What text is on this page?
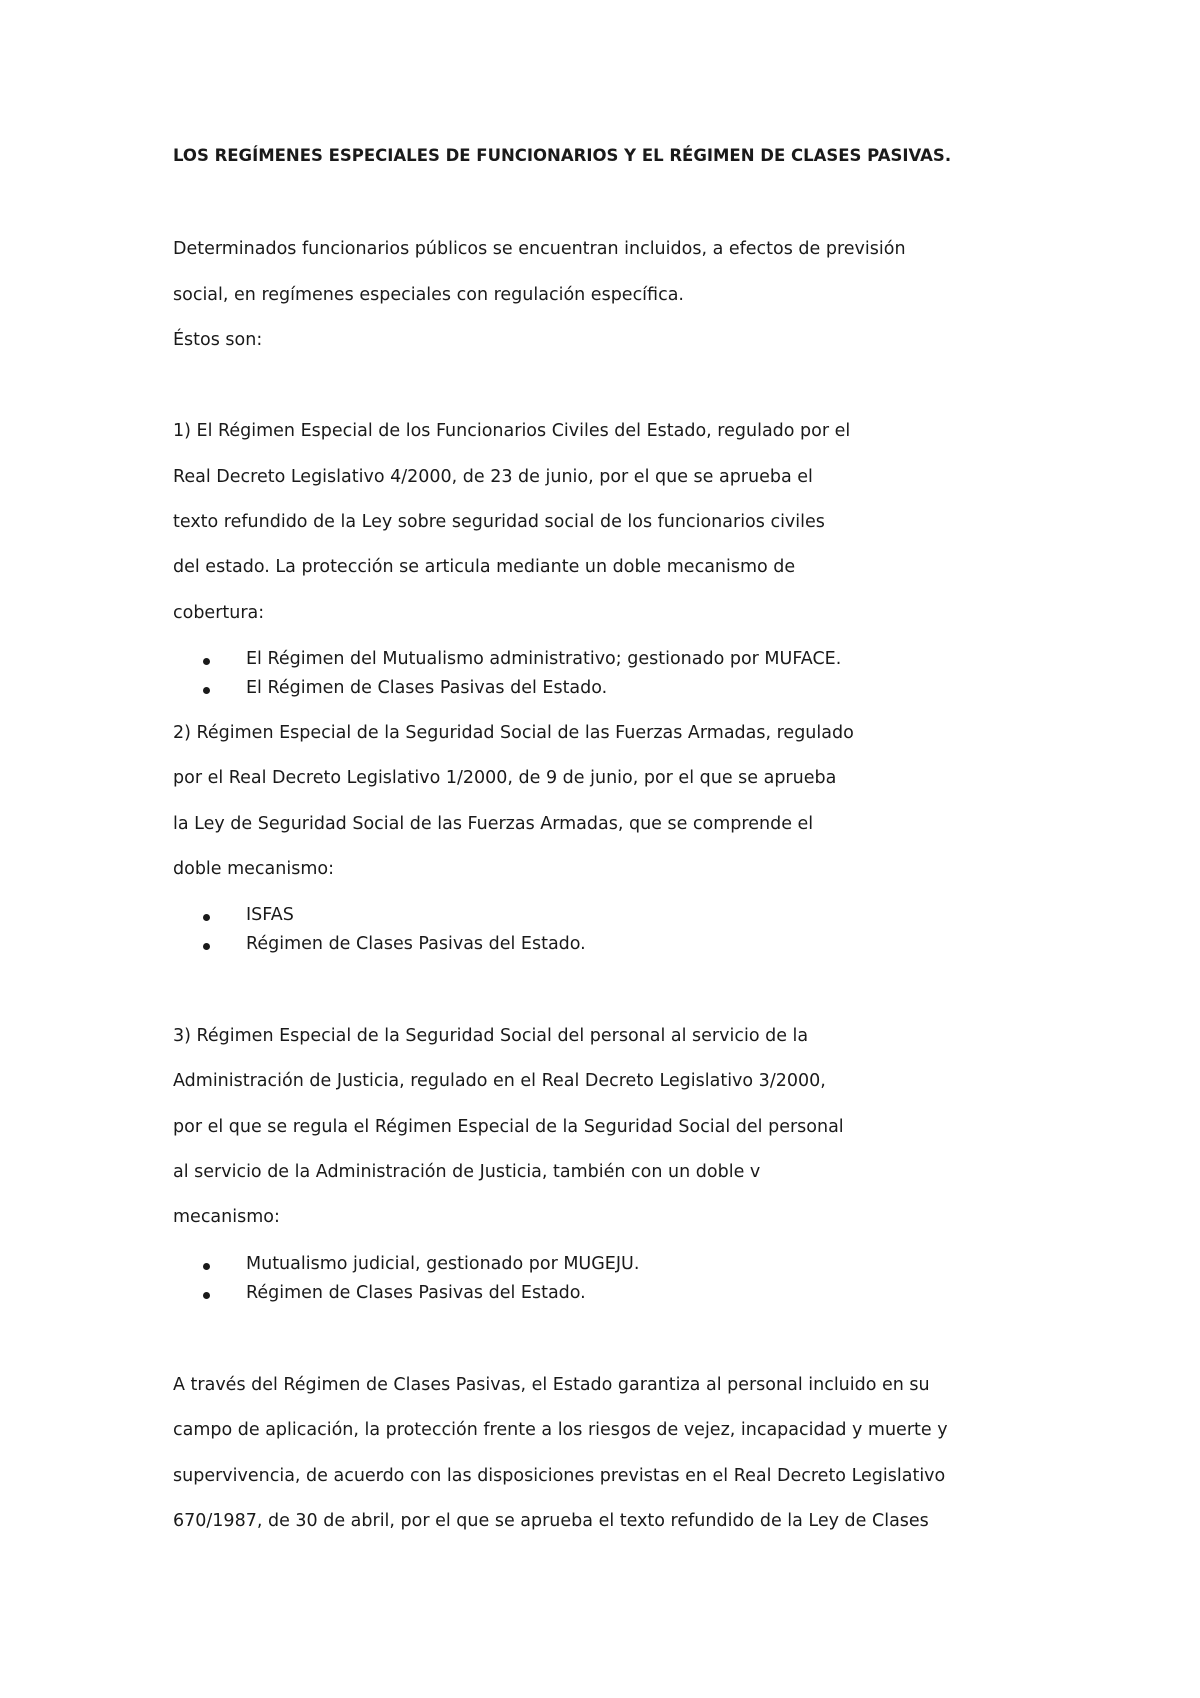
LOS REGÍMENES ESPECIALES DE FUNCIONARIOS Y EL RÉGIMEN DE CLASES PASIVAS.
Determinados funcionarios públicos se encuentran incluidos, a efectos de previsión
social, en regímenes especiales con regulación específica.
Éstos son:
1) El Régimen Especial de los Funcionarios Civiles del Estado, regulado por el
Real Decreto Legislativo 4/2000, de 23 de junio, por el que se aprueba el
texto refundido de la Ley sobre seguridad social de los funcionarios civiles
del estado. La protección se articula mediante un doble mecanismo de
cobertura:
El Régimen del Mutualismo administrativo; gestionado por MUFACE.
El Régimen de Clases Pasivas del Estado.
2) Régimen Especial de la Seguridad Social de las Fuerzas Armadas, regulado
por el Real Decreto Legislativo 1/2000, de 9 de junio, por el que se aprueba
la Ley de Seguridad Social de las Fuerzas Armadas, que se comprende el
doble mecanismo:
ISFAS
Régimen de Clases Pasivas del Estado.
3) Régimen Especial de la Seguridad Social del personal al servicio de la
Administración de Justicia, regulado en el Real Decreto Legislativo 3/2000,
por el que se regula el Régimen Especial de la Seguridad Social del personal
al servicio de la Administración de Justicia, también con un doble v
mecanismo:
Mutualismo judicial, gestionado por MUGEJU.
Régimen de Clases Pasivas del Estado.
A través del Régimen de Clases Pasivas, el Estado garantiza al personal incluido en su
campo de aplicación, la protección frente a los riesgos de vejez, incapacidad y muerte y
supervivencia, de acuerdo con las disposiciones previstas en el Real Decreto Legislativo
670/1987, de 30 de abril, por el que se aprueba el texto refundido de la Ley de Clases
